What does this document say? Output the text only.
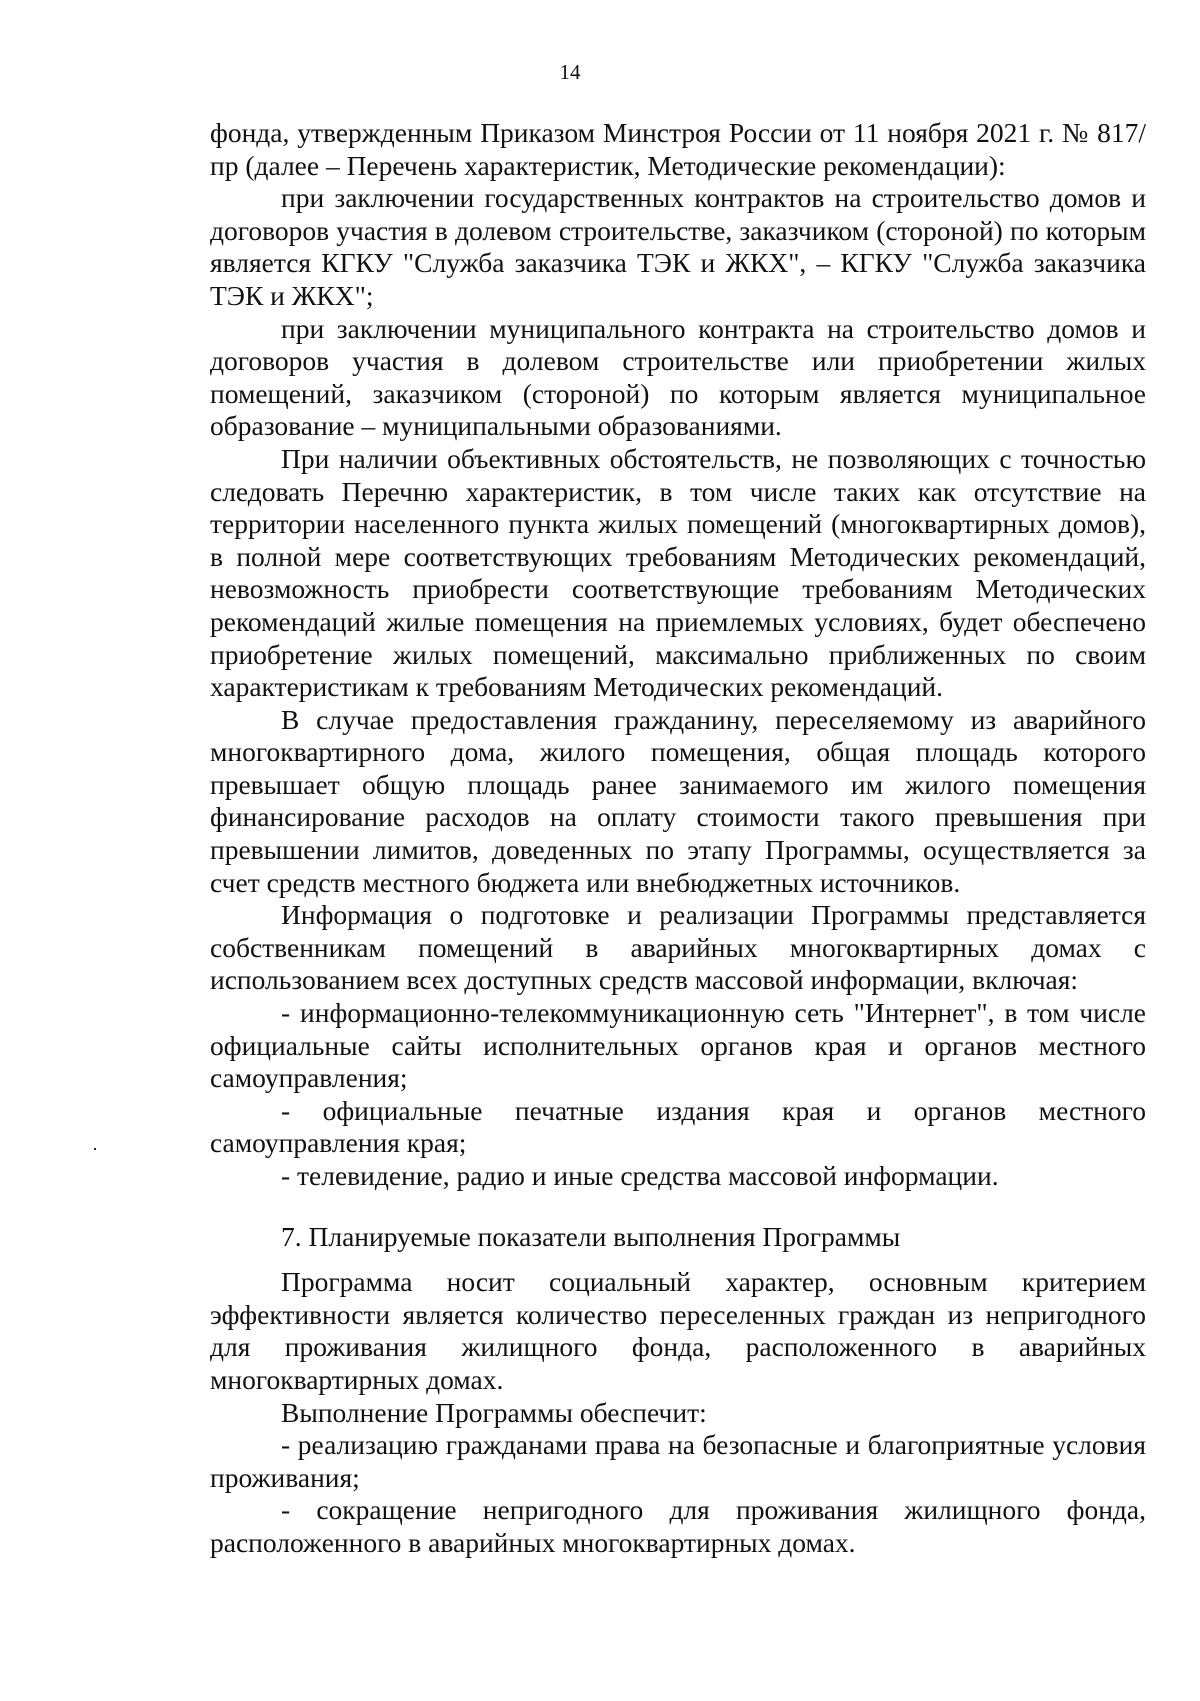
14

фонда, утвержденным Приказом Минстроя России от 11 ноября 2021 г. № 817/пр (далее – Перечень характеристик, Методические рекомендации):

при заключении государственных контрактов на строительство домов и договоров участия в долевом строительстве, заказчиком (стороной) по которым является КГКУ "Служба заказчика ТЭК и ЖКХ", – КГКУ "Служба заказчика ТЭК и ЖКХ";

при заключении муниципального контракта на строительство домов и договоров участия в долевом строительстве или приобретении жилых помещений, заказчиком (стороной) по которым является муниципальное образование – муниципальными образованиями.

При наличии объективных обстоятельств, не позволяющих с точностью следовать Перечню характеристик, в том числе таких как отсутствие на территории населенного пункта жилых помещений (многоквартирных домов), в полной мере соответствующих требованиям Методических рекомендаций, невозможность приобрести соответствующие требованиям Методических рекомендаций жилые помещения на приемлемых условиях, будет обеспечено приобретение жилых помещений, максимально приближенных по своим характеристикам к требованиям Методических рекомендаций.

В случае предоставления гражданину, переселяемому из аварийного многоквартирного дома, жилого помещения, общая площадь которого превышает общую площадь ранее занимаемого им жилого помещения финансирование расходов на оплату стоимости такого превышения при превышении лимитов, доведенных по этапу Программы, осуществляется за счет средств местного бюджета или внебюджетных источников.

Информация о подготовке и реализации Программы представляется собственникам помещений в аварийных многоквартирных домах с использованием всех доступных средств массовой информации, включая:

- информационно-телекоммуникационную сеть "Интернет", в том числе официальные сайты исполнительных органов края и органов местного самоуправления;

- официальные печатные издания края и органов местного самоуправления края;

- телевидение, радио и иные средства массовой информации.

7. Планируемые показатели выполнения Программы

Программа носит социальный характер, основным критерием эффективности является количество переселенных граждан из непригодного для проживания жилищного фонда, расположенного в аварийных многоквартирных домах.

Выполнение Программы обеспечит:

- реализацию гражданами права на безопасные и благоприятные условия проживания;

- сокращение непригодного для проживания жилищного фонда, расположенного в аварийных многоквартирных домах.
